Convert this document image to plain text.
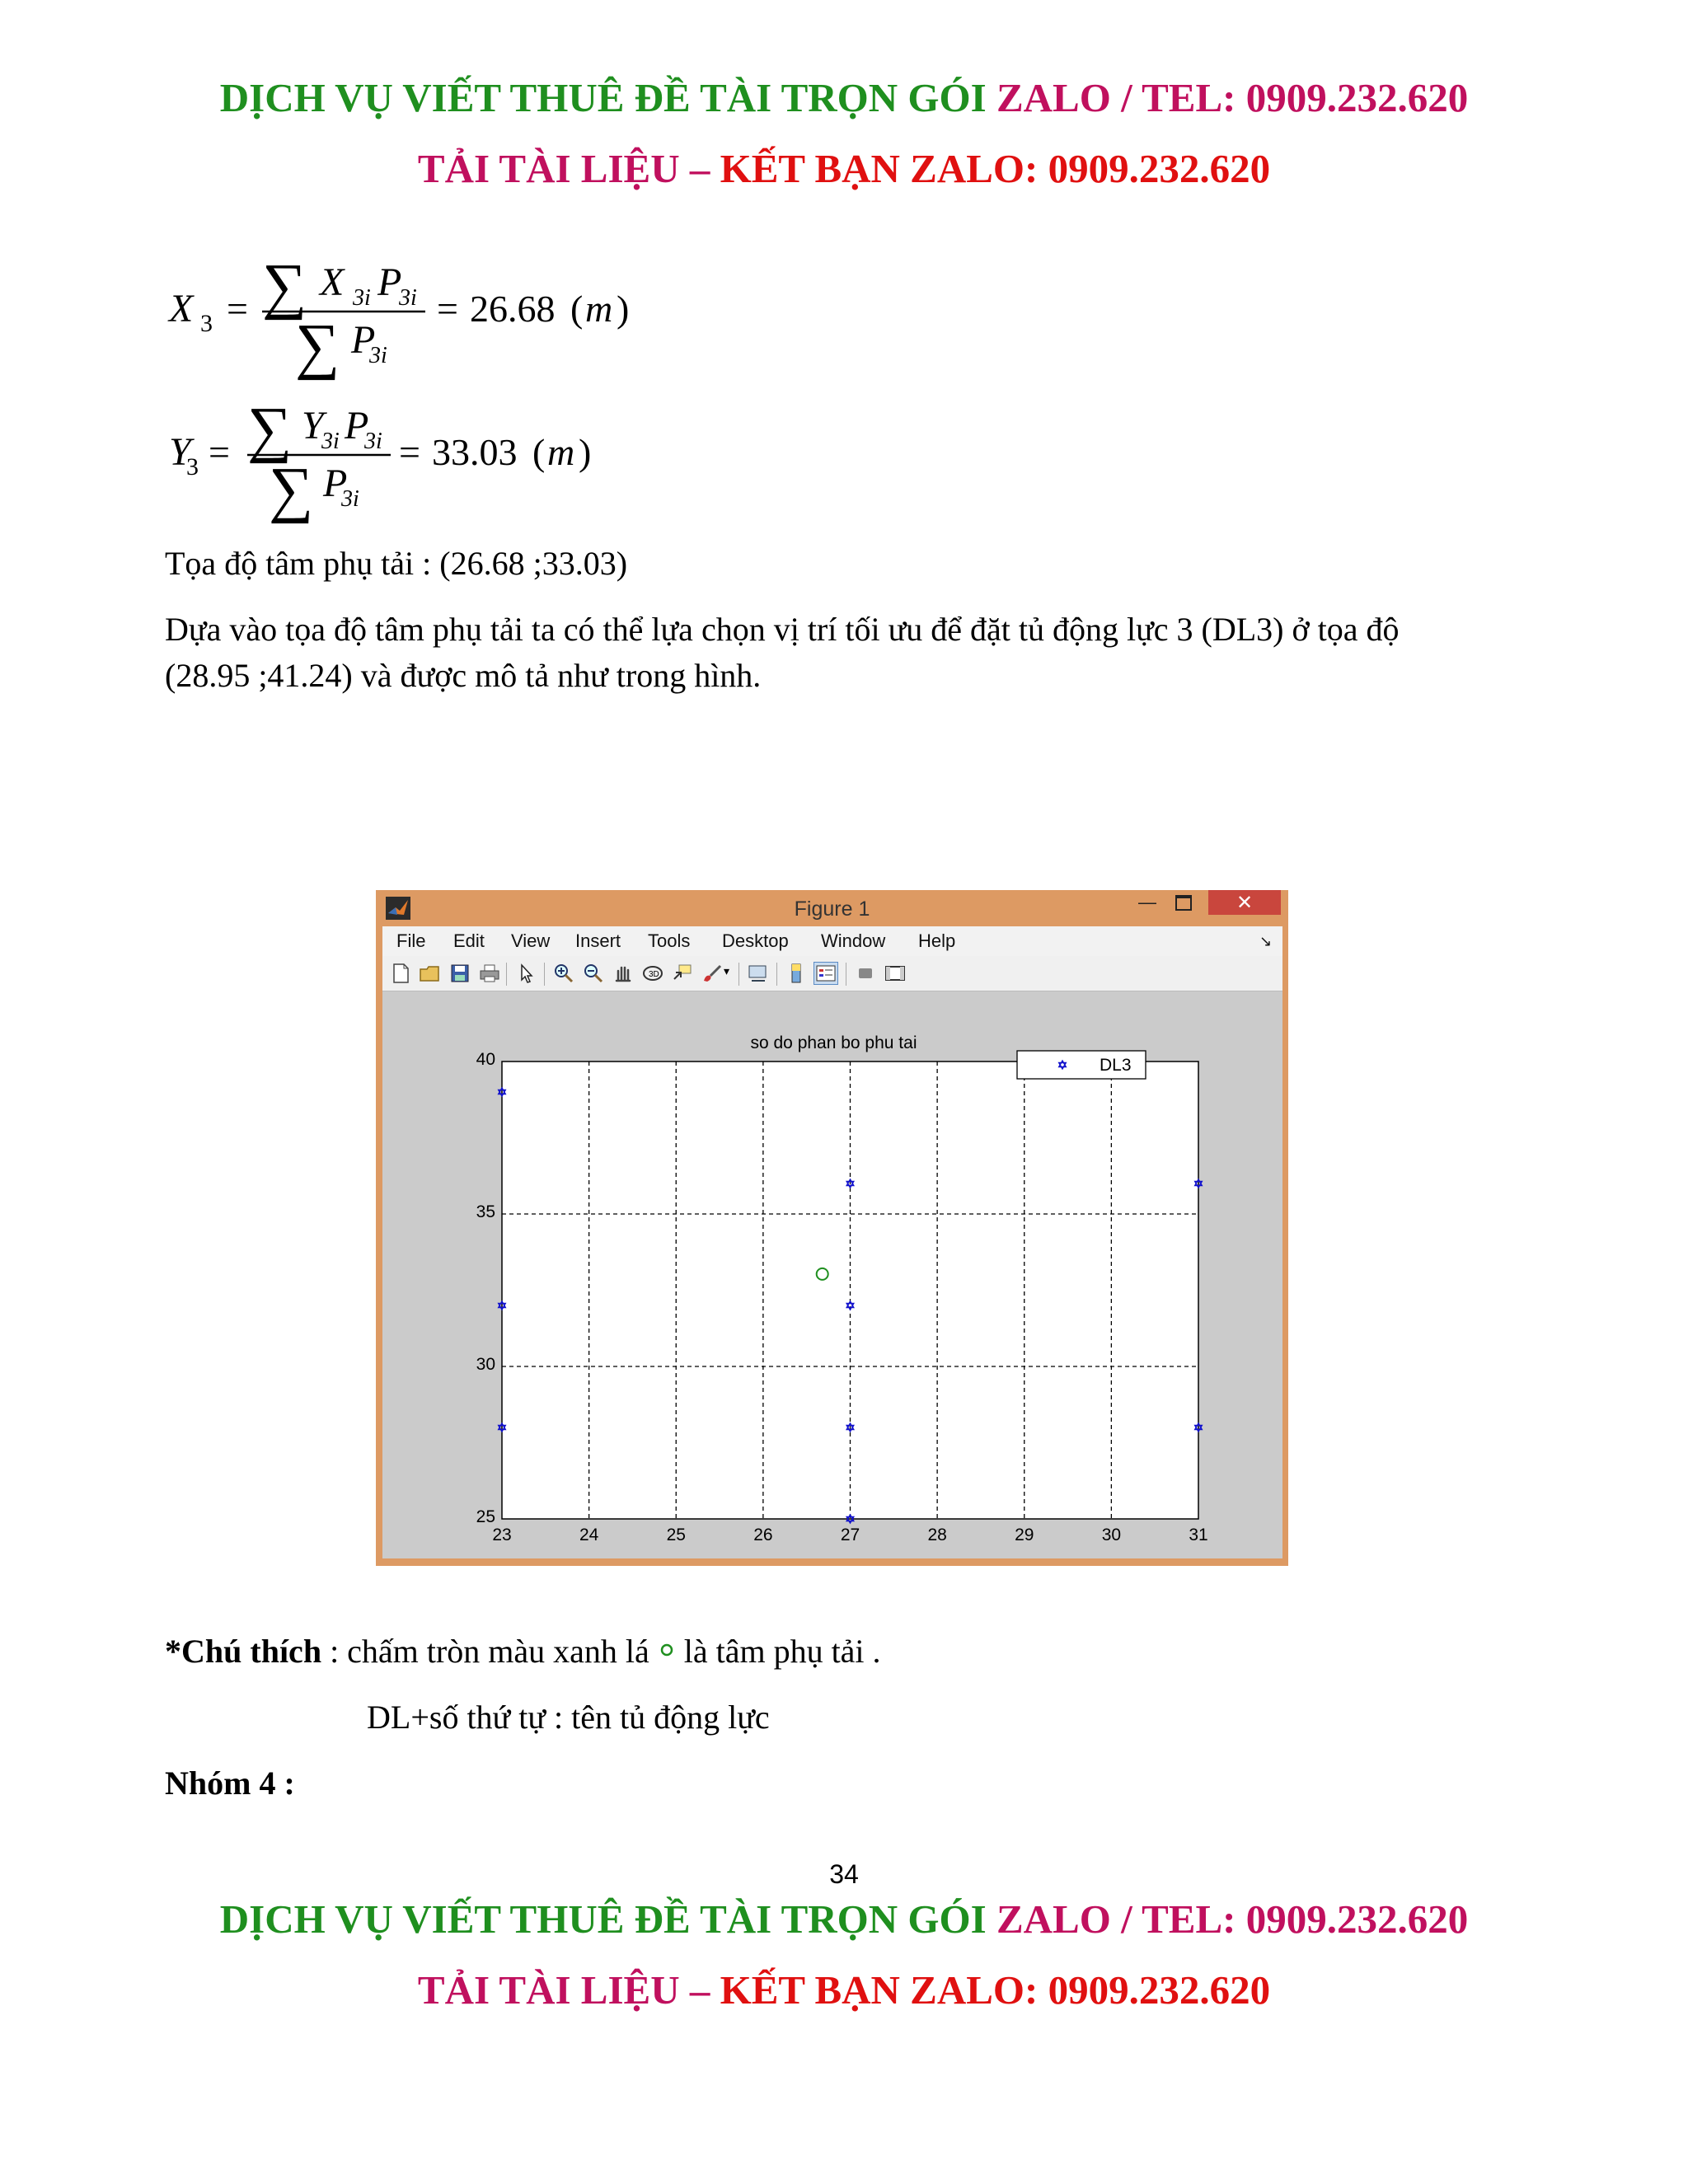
DỊCH VỤ VIẾT THUÊ ĐỀ TÀI TRỌN GÓI ZALO / TEL: 0909.232.620
TẢI TÀI LIỆU – KẾT BẠN ZALO: 0909.232.620
X 3 = ∑ X 3i P
3i
∑ P
3i
= 26.68 ( m )
Y
3 = ∑ Y
3i P
3i
∑ P
3i
= 33.03 ( m )
Tọa độ tâm phụ tải : (26.68 ;33.03)
Dựa vào tọa độ tâm phụ tải ta có thể lựa chọn vị trí tối ưu để đặt tủ động lực 3 (DL3) ở tọa độ
(28.95 ;41.24) và được mô tả như trong hình.
Figure 1	—	✕
File Edit View Insert Tools Desktop Window Help	↘
3D	▾
23	24	25	26	27	28	29	30	31
25
30
35
40
so do phan bo phu tai
DL3
*Chú thích : chấm tròn màu xanh lá  là tâm phụ tải .
DL+số thứ tự : tên tủ động lực
Nhóm 4 :
34
DỊCH VỤ VIẾT THUÊ ĐỀ TÀI TRỌN GÓI ZALO / TEL: 0909.232.620
TẢI TÀI LIỆU – KẾT BẠN ZALO: 0909.232.620
